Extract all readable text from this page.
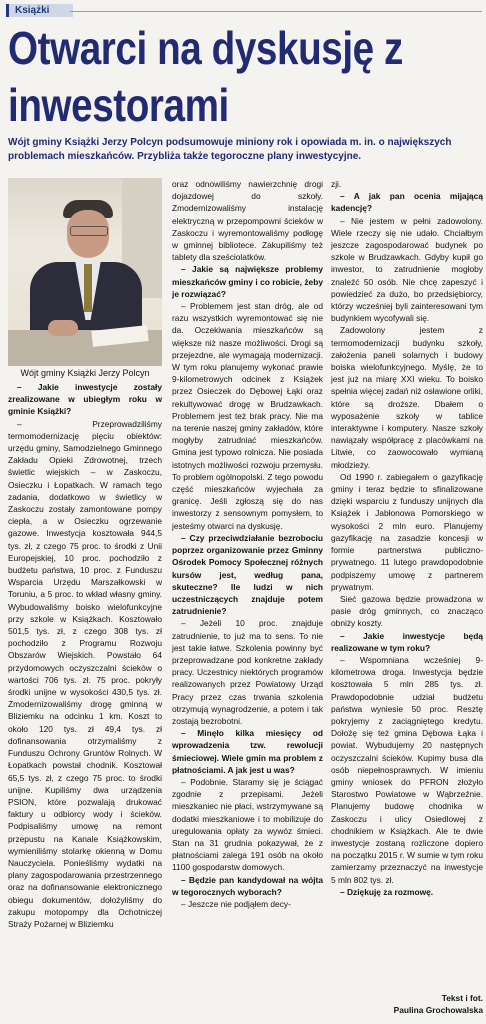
Książki
Otwarci na dyskusję z inwestorami

Wójt gminy Książki Jerzy Polcyn podsumowuje miniony rok i opowiada m. in. o największych problemach mieszkańców. Przybliża także tegoroczne plany inwestycyjne.

Wójt gminy Książki Jerzy Polcyn

– Jakie inwestycje zostały zrealizowane w ubiegłym roku w gminie Książki?

– Przeprowadziliśmy termomodernizację pięciu obiektów: urzędu gminy, Samodzielnego Gminnego Zakładu Opieki Zdrowotnej, trzech świetlic wiejskich – w Zaskoczu, Osieczku i Łopatkach. W ramach tego zadania, dodatkowo w świetlicy w Zaskoczu zostały zamontowane pompy ciepła, a w Osieczku ogrzewanie gazowe. Inwestycja kosztowała 944,5 tys. zł, z czego 75 proc. to środki z Unii Europejskiej, 10 proc. pochodziło z budżetu państwa, 10 proc. z Funduszu Wsparcia Urzędu Marszałkowski w Toruniu, a 5 proc. to wkład własny gminy. Wybudowaliśmy boisko wielofunkcyjne przy szkole w Książkach. Kosztowało 501,5 tys. zł, z czego 308 tys. zł pochodziło z Programu Rozwoju Obszarów Wiejskich. Powstało 64 przydomowych oczyszczalni ścieków o wartości 706 tys. zł. 75 proc. pokryły środki unijne w wysokości 430,5 tys. zł. Zmodernizowaliśmy drogę gminną w Bliziemku na odcinku 1 km. Koszt to około 120 tys. zł 49,4 tys. zł dofinansowania otrzymaliśmy z Funduszu Ochrony Gruntów Rolnych. W Łopatkach powstał chodnik. Kosztował 65,5 tys. zł, z czego 75 proc. to środki unijne. Kupiliśmy dwa urządzenia PSION, które pozwalają drukować faktury u odbiorcy wody i ścieków. Podpisaliśmy umowę na remont przepustu na Kanale Książkowskim, wymieniliśmy stolarkę okienną w Domu Nauczyciela. Ponieśliśmy wydatki na plany zagospodarowania przestrzennego oraz na dofinansowanie elektronicznego obiegu dokumentów, dołożyliśmy do zakupu motopompy dla Ochotniczej Straży Pożarnej w Bliziemku

oraz odnowiliśmy nawierzchnię drogi dojazdowej do szkoły. Zmodernizowaliśmy instalację elektryczną w przepompowni ścieków w Zaskoczu i wyremontowaliśmy podłogę w gminnej bibliotece. Zakupiliśmy też tablety dla sześciolatków.

– Jakie są największe problemy mieszkańców gminy i co robicie, żeby je rozwiązać?

– Problemem jest stan dróg, ale od razu wszystkich wyremontować się nie da. Oczekiwania mieszkańców są większe niż nasze możliwości. Drogi są przejezdne, ale wymagają modernizacji. W tym roku planujemy wykonać prawie 9-kilometrowych odcinek z Książek przez Osieczek do Dębowej Łąki oraz rekultywować drogę w Brudzawkach. Problemem jest też brak pracy. Nie ma na terenie naszej gminy zakładów, które mogłyby zatrudniać mieszkańców. Gmina jest typowo rolnicza. Nie posiada istotnych możliwości rozwoju przemysłu. To problem ogólnopolski. Z tego powodu część mieszkańców wyjechała za granicę. Jeśli zgłoszą się do nas inwestorzy z sensownym pomysłem, to jesteśmy otwarci na dyskusję.

– Czy przeciwdziałanie bezrobociu poprzez organizowanie przez Gminny Ośrodek Pomocy Społecznej różnych kursów jest, według pana, skuteczne? Ile ludzi w nich uczestniczących znajduje potem zatrudnienie?

– Jeżeli 10 proc. znajduje zatrudnienie, to już ma to sens. To nie jest takie łatwe. Szkolenia powinny być przeprowadzane pod konkretne zakłady pracy. Uczestnicy niektórych programów realizowanych przez Powiatowy Urząd Pracy przez czas trwania szkolenia otrzymują wynagrodzenie, a potem i tak zostają bezrobotni.

– Minęło kilka miesięcy od wprowadzenia tzw. rewolucji śmieciowej. Wiele gmin ma problem z płatnościami. A jak jest u was?

– Podobnie. Staramy się je ściągać zgodnie z przepisami. Jeżeli mieszkaniec nie płaci, wstrzymywane są dodatki mieszkaniowe i to mobilizuje do uregulowania opłaty za wywóz śmieci. Stan na 31 grudnia pokazywał, że z płatnościami zalega 191 osób na około 1100 gospodarstw domowych.

– Będzie pan kandydował na wójta w tegorocznych wyborach?

– Jeszcze nie podjąłem decy-

zji.

– A jak pan ocenia mijającą kadencję?

– Nie jestem w pełni zadowolony. Wiele rzeczy się nie udało. Chciałbym jeszcze zagospodarować budynek po szkole w Brudzawkach. Gdyby kupił go inwestor, to zatrudnienie mogłoby znaleźć 50 osób. Nie chcę zapeszyć i powiedzieć za dużo, bo przedsiębiorcy, którzy wcześniej byli zainteresowani tym budynkiem wycofywali się.

Zadowolony jestem z termomodernizacji budynku szkoły, założenia paneli solarnych i budowy boiska wielofunkcyjnego. Myślę, że to jest już na miarę XXI wieku. To boisko spełnia więcej zadań niż osławione orliki, które są droższe. Dbałem o wyposażenie szkoły w tablice interaktywne i komputery. Nasze szkoły nawiązały współpracę z placówkami na Litwie, co zaowocowało wymianą młodzieży.

Od 1990 r. zabiegałem o gazyfikację gminy i teraz będzie to sfinalizowane dzięki wsparciu z funduszy unijnych dla Książek i Jabłonowa Pomorskiego w wysokości 2 mln euro. Planujemy gazyfikację na zasadzie koncesji w formie partnerstwa publiczno-prywatnego. 11 lutego prawdopodobnie podpiszemy umowę z partnerem prywatnym.

Sieć gazowa będzie prowadzona w pasie dróg gminnych, co znacząco obniży koszty.

– Jakie inwestycje będą realizowane w tym roku?

– Wspomniana wcześniej 9-kilometrowa droga. Inwestycja będzie kosztowała 5 mln 285 tys. zł. Prawdopodobnie udział budżetu państwa wyniesie 50 proc. Resztę pokryjemy z zaciągniętego kredytu. Dołożę się też gmina Dębowa Łąka i powiat. Wybudujemy 20 następnych oczyszczalni ścieków. Kupimy busa dla osób niepełnosprawnych. W imieniu gminy wniosek do PFRON złożyło Starostwo Powiatowe w Wąbrzeźnie. Planujemy budowę chodnika w Zaskoczu i ulicy Osiedlowej z chodnikiem w Książkach. Ale te dwie inwestycje zostaną rozliczone dopiero na początku 2015 r. W sumie w tym roku zamierzamy przeznaczyć na inwestycje 5 mln 802 tys. zł.

– Dziękuję za rozmowę.

Tekst i fot.

Paulina Grochowalska
